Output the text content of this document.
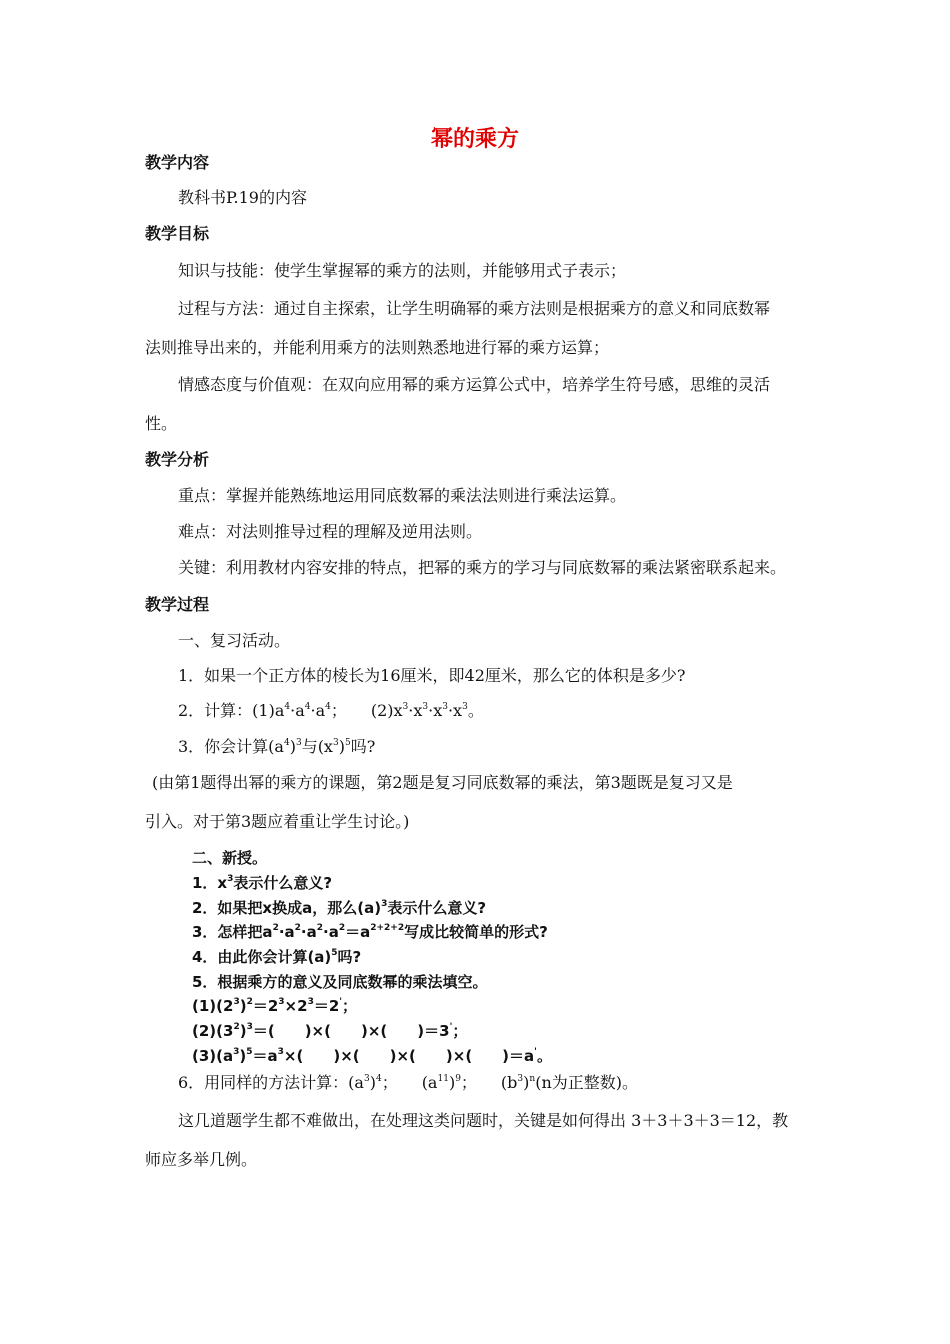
幂的乘方
教学内容
教科书P.19的内容
教学目标
知识与技能：使学生掌握幂的乘方的法则，并能够用式子表示；
过程与方法：通过自主探索，让学生明确幂的乘方法则是根据乘方的意义和同底数幂
法则推导出来的，并能利用乘方的法则熟悉地进行幂的乘方运算；
情感态度与价值观：在双向应用幂的乘方运算公式中，培养学生符号感，思维的灵活
性。
教学分析
重点：掌握并能熟练地运用同底数幂的乘法法则进行乘法运算。
难点：对法则推导过程的理解及逆用法则。
关键：利用教材内容安排的特点，把幂的乘方的学习与同底数幂的乘法紧密联系起来。
教学过程
一、复习活动。
1．如果一个正方体的棱长为16厘米，即42厘米，那么它的体积是多少?
2．计算：$(1)a^4\cdot a^4\cdot a^4$；　　$(2)x^3\cdot x^3\cdot x^3\cdot x^3$。
3．你会计算$(a^4)^3$与$(x^3)^5$吗?
(由第1题得出幂的乘方的课题，第2题是复习同底数幂的乘法，第3题既是复习又是
引入。对于第3题应着重让学生讨论。)
二、新授。
1．$x^3$表示什么意义?
2．如果把x换成a，那么$(a)^3$表示什么意义?
3．怎样把$a^2\cdot a^2\cdot a^2\cdot a^2=a^{2+2+2}$写成比较简单的形式?
4．由此你会计算$(a)^5$吗?
5．根据乘方的意义及同底数幂的乘法填空。
$(1)(2^3)^2=2^3\times 2^3=2'$；
$(2)(3^2)^3=$(　　)×(　　)×(　　)＝3'；
$(3)(a^3)^5=a^3\times$(　　)×(　　)×(　　)×(　　)＝a'。
6．用同样的方法计算：$(a^3)^4$；　　$(a^{11})^9$；　　$(b^3)^n(n$为正整数)。
这几道题学生都不难做出，在处理这类问题时，关键是如何得出 3＋3＋3＋3＝12，教
师应多举几例。
